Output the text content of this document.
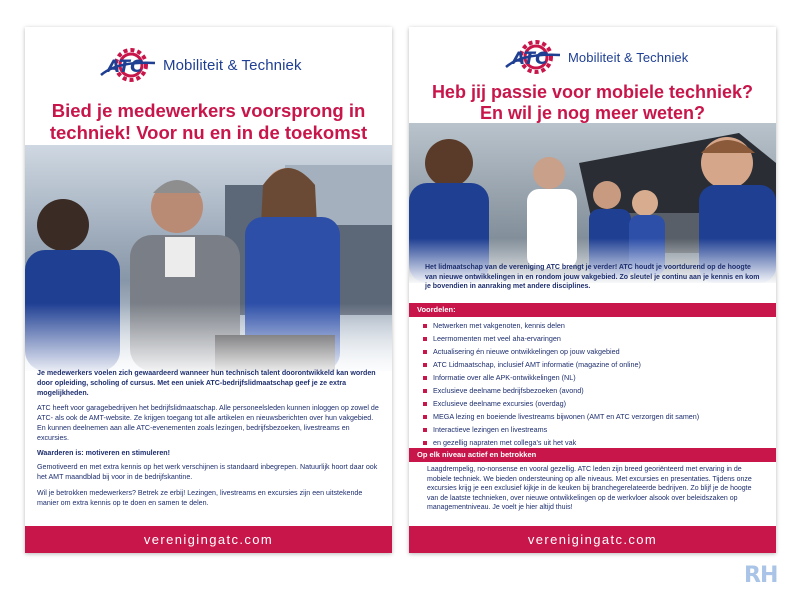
ATC Mobiliteit & Techniek
Bied je medewerkers voorsprong in
techniek! Voor nu en in de toekomst

Je medewerkers voelen zich gewaardeerd wanneer hun technisch talent doorontwikkeld kan worden door opleiding, scholing of cursus. Met een uniek ATC-bedrijfslidmaatschap geef je ze extra mogelijkheden.

ATC heeft voor garagebedrijven het bedrijfslidmaatschap. Alle personeelsleden kunnen inloggen op zowel de ATC- als ook de AMT-website. Ze krijgen toegang tot alle artikelen en nieuwsberichten over hun vakgebied. En kunnen deelnemen aan alle ATC-evenementen zoals lezingen, bedrijfsbezoeken, livestreams en excursies.

Waarderen is: motiveren en stimuleren!

Gemotiveerd en met extra kennis op het werk verschijnen is standaard inbegrepen. Natuurlijk hoort daar ook het AMT maandblad bij voor in de bedrijfskantine.

Wil je betrokken medewerkers? Betrek ze erbij! Lezingen, livestreams en excursies zijn een uitstekende manier om extra kennis op te doen en samen te delen.

verenigingatc.com
ATC Mobiliteit & Techniek
Heb jij passie voor mobiele techniek?
En wil je nog meer weten?

Het lidmaatschap van de vereniging ATC brengt je verder! ATC houdt je voortdurend op de hoogte van nieuwe ontwikkelingen in en rondom jouw vakgebied. Zo sleutel je continu aan je kennis en kom je bovendien in aanraking met andere disciplines.

Voordelen:
Netwerken met vakgenoten, kennis delen
Leermomenten met veel aha-ervaringen
Actualisering én nieuwe ontwikkelingen op jouw vakgebied
ATC Lidmaatschap, inclusief AMT informatie (magazine of online)
Informatie over alle APK-ontwikkelingen (NL)
Exclusieve deelname bedrijfsbezoeken (avond)
Exclusieve deelname excursies (overdag)
MEGA lezing en boeiende livestreams bijwonen (AMT en ATC verzorgen dit samen)
Interactieve lezingen en livestreams
en gezellig napraten met collega's uit het vak
Op elk niveau actief en betrokken

Laagdrempelig, no-nonsense en vooral gezellig. ATC leden zijn breed georiënteerd met ervaring in de mobiele techniek. We bieden ondersteuning op alle niveaus. Met excursies en presentaties. Tijdens onze excursies krijg je een exclusief kijkje in de keuken bij branchegerelateerde bedrijven. Zo blijf je de hoogte van de laatste technieken, over nieuwe ontwikkelingen op de werkvloer alsook over beleidszaken op managementniveau. Je voelt je hier altijd thuis!

verenigingatc.com
RH
